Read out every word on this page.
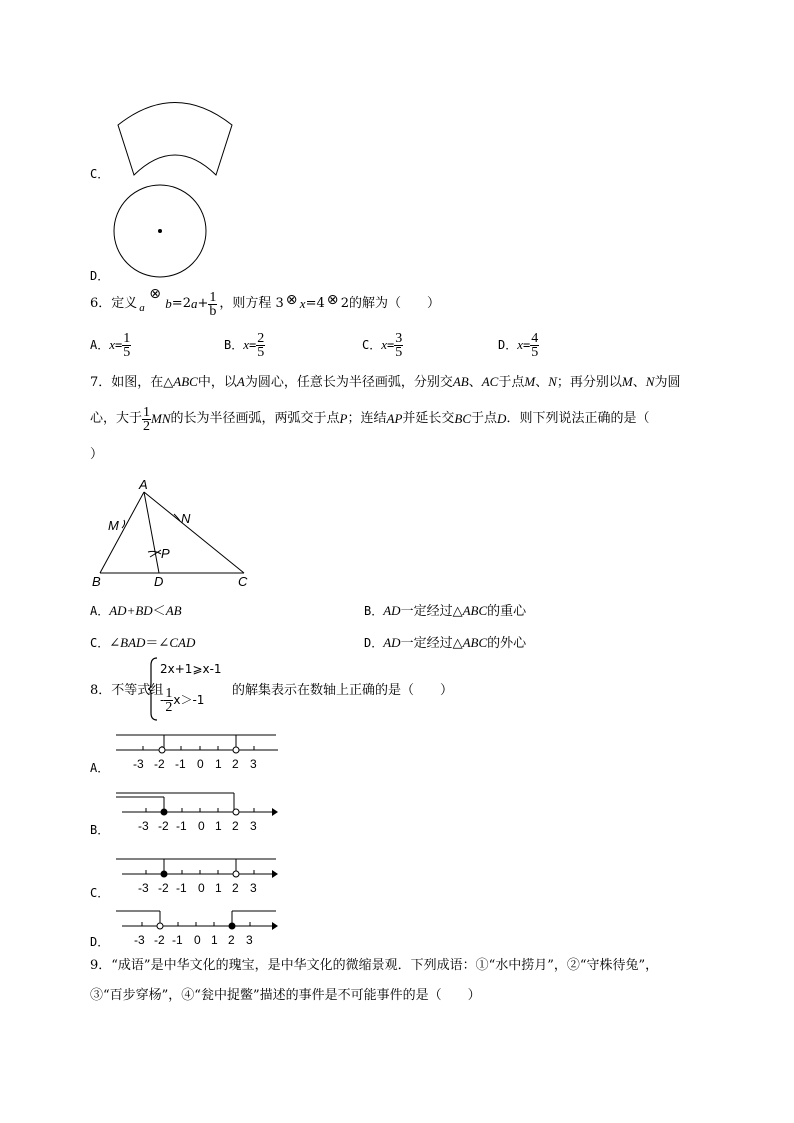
C．
D．
6． 定义 $_a$
⊗
b =2 $a + \frac{1}{b}$ ，则方程 3 ⊗ x =4 ⊗ 2 的解为（　　）
A． $x = \frac{1}{5}$	B． $x = \frac{2}{5}$	C． $x = \frac{3}{5}$	D． $x = \frac{4}{5}$
7．如图，在△ABC中，以A为圆心，任意长为半径画弧，分别交AB、AC于点M、N；再分别以M、N为圆
心，大于 $\frac{1}{2}$ MN 的长为半径画弧，两弧交于点 P ；连结 AP 并延长交 BC 于点 D ．则下列说法正确的是（
）
A
M	N
P
B	D	C
A．AD+BD＜AB	B．AD一定经过△ABC的重心
C．∠BAD＝∠CAD	D．AD一定经过△ABC的外心
8．不等式组
2x+1⩾x-1
- $\frac{1}{2} x>-1$
的解集表示在数轴上正确的是（　　）
A． -3 -2 -1 0 1 2 3
B． -3 -2 -1 0 1 2 3
C． -3 -2 -1 0 1 2 3
D． -3 -2 -1 0 1 2 3
9．“成语”是中华文化的瑰宝，是中华文化的微缩景观．下列成语：①“水中捞月”，②“守株待兔”，
③“百步穿杨”，④“瓮中捉鳖”描述的事件是不可能事件的是（　　）
